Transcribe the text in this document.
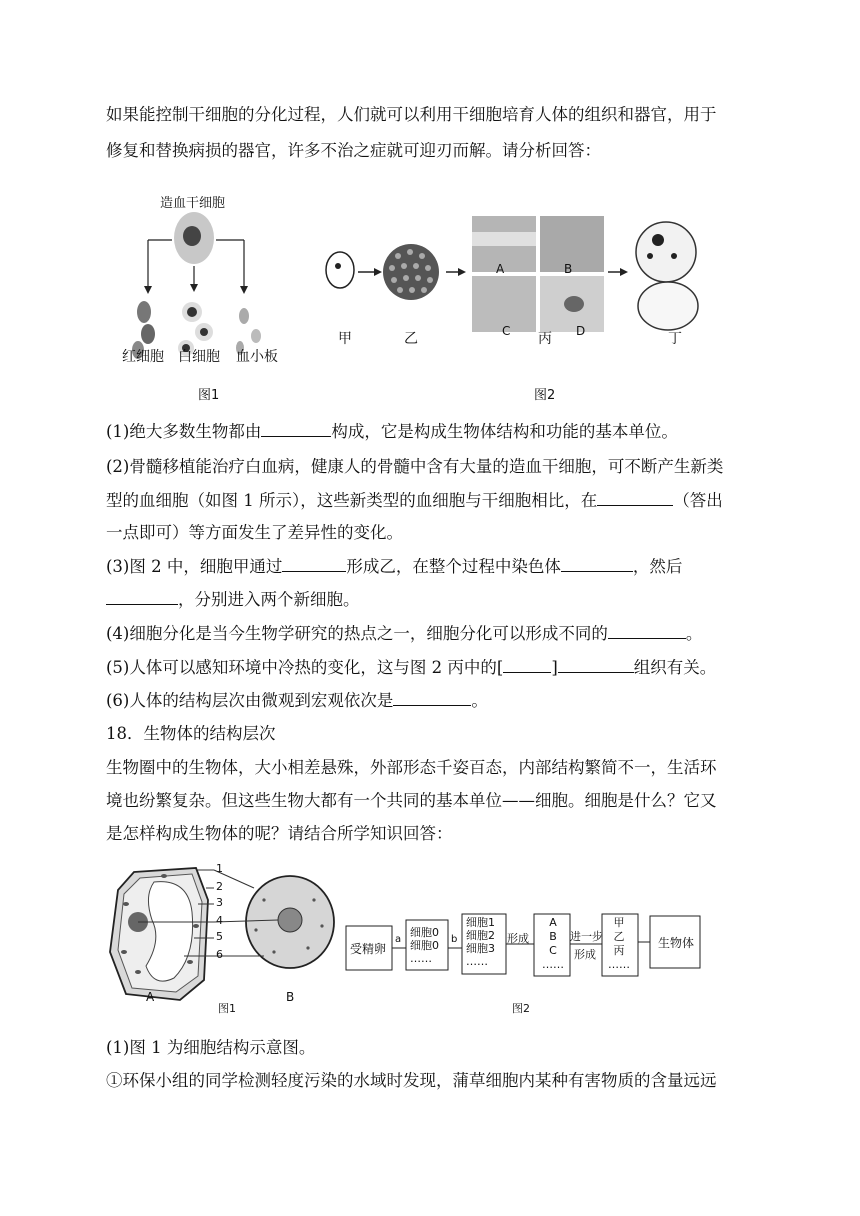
如果能控制干细胞的分化过程，人们就可以利用干细胞培育人体的组织和器官，用于
修复和替换病损的器官，许多不治之症就可迎刃而解。请分析回答：
造血干细胞
红细胞 白细胞 血小板
图1
A	B
C	D
甲	乙	丙	丁
图2
(1)绝大多数生物都由	构成，它是构成生物体结构和功能的基本单位。
(2)骨髓移植能治疗白血病，健康人的骨髓中含有大量的造血干细胞，可不断产生新类
型的血细胞（如图 1 所示），这些新类型的血细胞与干细胞相比，在	（答出
一点即可）等方面发生了差异性的变化。
(3)图 2 中，细胞甲通过	形成乙，在整个过程中染色体	，然后
，分别进入两个新细胞。
(4)细胞分化是当今生物学研究的热点之一，细胞分化可以形成不同的	。
(5)人体可以感知环境中冷热的变化，这与图 2 丙中的[	]	组织有关。
(6)人体的结构层次由微观到宏观依次是	。
18．生物体的结构层次
生物圈中的生物体，大小相差悬殊，外部形态千姿百态，内部结构繁简不一，生活环
境也纷繁复杂。但这些生物大都有一个共同的基本单位——细胞。细胞是什么？它又
是怎样构成生物体的呢？请结合所学知识回答：
1
2
3
4
5
6
A	B
图1
受精卵
a
细胞0
细胞0
……
b
细胞1
细胞2
细胞3
……
形成
A
B
C
……
进一步
形成
甲
乙
丙
……
生物体
图2
(1)图 1 为细胞结构示意图。
①环保小组的同学检测轻度污染的水域时发现，蒲草细胞内某种有害物质的含量远远
